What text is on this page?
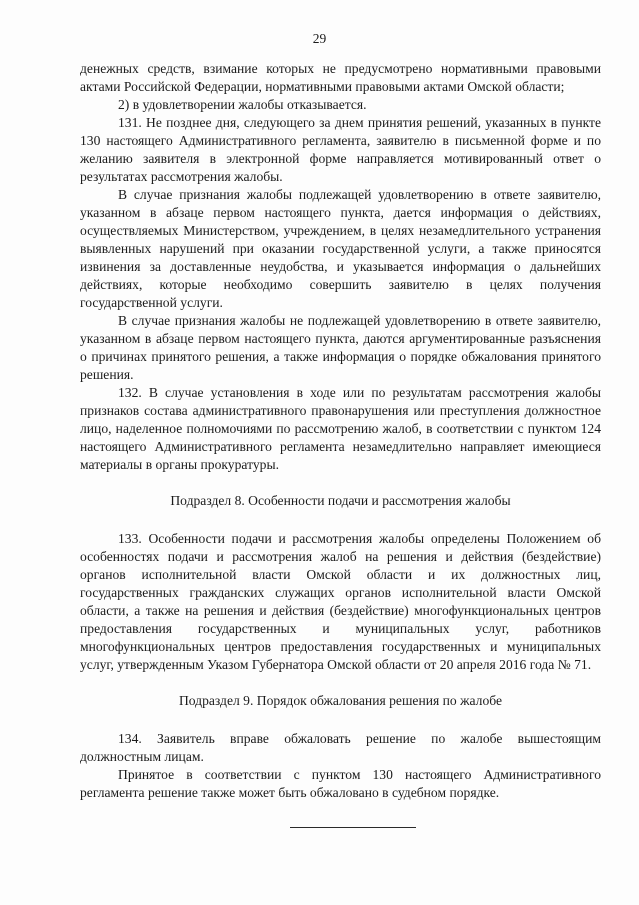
29

денежных средств, взимание которых не предусмотрено нормативными правовыми актами Российской Федерации, нормативными правовыми актами Омской области;

2) в удовлетворении жалобы отказывается.

131. Не позднее дня, следующего за днем принятия решений, указанных в пункте 130 настоящего Административного регламента, заявителю в письменной форме и по желанию заявителя в электронной форме направляется мотивированный ответ о результатах рассмотрения жалобы.

В случае признания жалобы подлежащей удовлетворению в ответе заявителю, указанном в абзаце первом настоящего пункта, дается информация о действиях, осуществляемых Министерством, учреждением, в целях незамедлительного устранения выявленных нарушений при оказании государственной услуги, а также приносятся извинения за доставленные неудобства, и указывается информация о дальнейших действиях, которые необходимо совершить заявителю в целях получения государственной услуги.

В случае признания жалобы не подлежащей удовлетворению в ответе заявителю, указанном в абзаце первом настоящего пункта, даются аргументированные разъяснения о причинах принятого решения, а также информация о порядке обжалования принятого решения.

132. В случае установления в ходе или по результатам рассмотрения жалобы признаков состава административного правонарушения или преступления должностное лицо, наделенное полномочиями по рассмотрению жалоб, в соответствии с пунктом 124 настоящего Административного регламента незамедлительно направляет имеющиеся материалы в органы прокуратуры.

Подраздел 8. Особенности подачи и рассмотрения жалобы

133. Особенности подачи и рассмотрения жалобы определены Положением об особенностях подачи и рассмотрения жалоб на решения и действия (бездействие) органов исполнительной власти Омской области и их должностных лиц, государственных гражданских служащих органов исполнительной власти Омской области, а также на решения и действия (бездействие) многофункциональных центров предоставления государственных и муниципальных услуг, работников многофункциональных центров предоставления государственных и муниципальных услуг, утвержденным Указом Губернатора Омской области от 20 апреля 2016 года № 71.

Подраздел 9. Порядок обжалования решения по жалобе

134. Заявитель вправе обжаловать решение по жалобе вышестоящим должностным лицам.

Принятое в соответствии с пунктом 130 настоящего Административного регламента решение также может быть обжаловано в судебном порядке.
